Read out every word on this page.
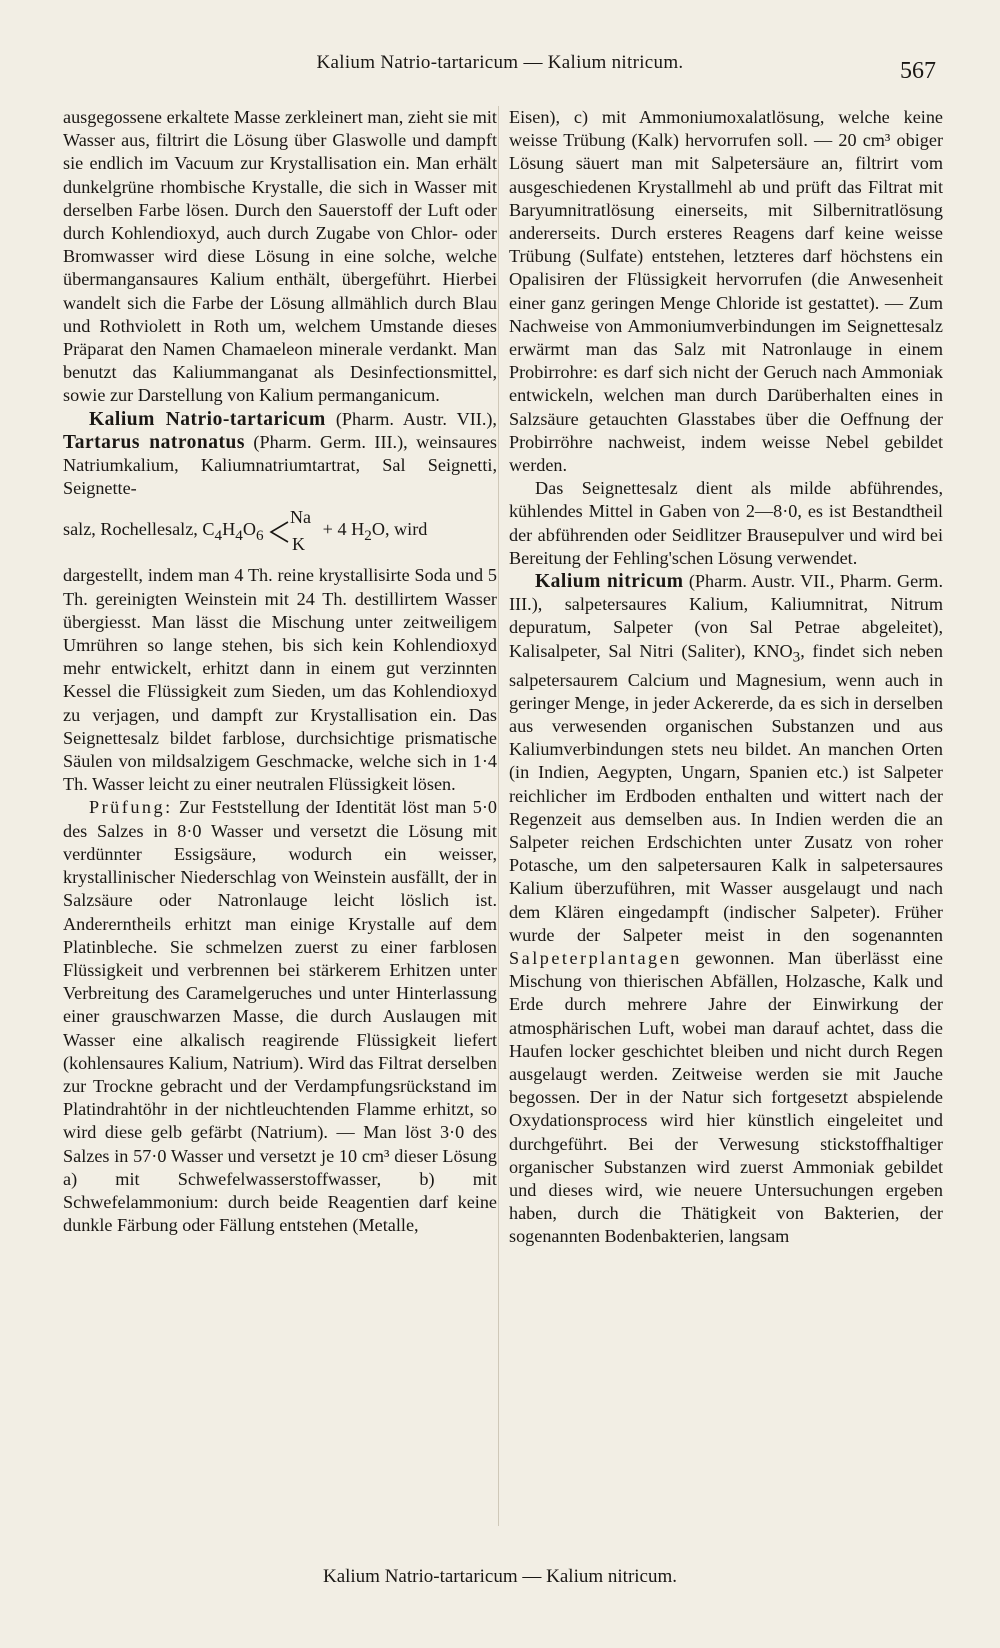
Kalium Natrio-tartaricum — Kalium nitricum.	567

ausgegossene erkaltete Masse zerkleinert man, zieht sie mit Wasser aus, filtrirt die Lösung über Glaswolle und dampft sie endlich im Vacuum zur Krystallisation ein. Man erhält dunkelgrüne rhombische Krystalle, die sich in Wasser mit derselben Farbe lösen. Durch den Sauerstoff der Luft oder durch Kohlendioxyd, auch durch Zugabe von Chlor- oder Bromwasser wird diese Lösung in eine solche, welche übermangansaures Kalium enthält, übergeführt. Hierbei wandelt sich die Farbe der Lösung allmählich durch Blau und Rothviolett in Roth um, welchem Umstande dieses Präparat den Namen Chamaeleon minerale verdankt. Man benutzt das Kaliummanganat als Desinfectionsmittel, sowie zur Darstellung von Kalium permanganicum.

Kalium Natrio-tartaricum (Pharm. Austr. VII.), Tartarus natronatus (Pharm. Germ. III.), weinsaures Natriumkalium, Kaliumnatriumtartrat, Sal Seignetti, Seignette-

salz, Rochellesalz, $C_4H_4O_6$
Na
K
+ 4 $H_2O$, wird

dargestellt, indem man 4 Th. reine krystallisirte Soda und 5 Th. gereinigten Weinstein mit 24 Th. destillirtem Wasser übergiesst. Man lässt die Mischung unter zeitweiligem Umrühren so lange stehen, bis sich kein Kohlendioxyd mehr entwickelt, erhitzt dann in einem gut verzinnten Kessel die Flüssigkeit zum Sieden, um das Kohlendioxyd zu verjagen, und dampft zur Krystallisation ein. Das Seignettesalz bildet farblose, durchsichtige prismatische Säulen von mildsalzigem Geschmacke, welche sich in 1·4 Th. Wasser leicht zu einer neutralen Flüssigkeit lösen.

Prüfung: Zur Feststellung der Identität löst man 5·0 des Salzes in 8·0 Wasser und versetzt die Lösung mit verdünnter Essigsäure, wodurch ein weisser, krystallinischer Niederschlag von Weinstein ausfällt, der in Salzsäure oder Natronlauge leicht löslich ist. Andererntheils erhitzt man einige Krystalle auf dem Platinbleche. Sie schmelzen zuerst zu einer farblosen Flüssigkeit und verbrennen bei stärkerem Erhitzen unter Verbreitung des Caramelgeruches und unter Hinterlassung einer grauschwarzen Masse, die durch Auslaugen mit Wasser eine alkalisch reagirende Flüssigkeit liefert (kohlensaures Kalium, Natrium). Wird das Filtrat derselben zur Trockne gebracht und der Verdampfungsrückstand im Platindrahtöhr in der nichtleuchtenden Flamme erhitzt, so wird diese gelb gefärbt (Natrium). — Man löst 3·0 des Salzes in 57·0 Wasser und versetzt je 10 cm³ dieser Lösung a) mit Schwefelwasserstoffwasser, b) mit Schwefelammonium: durch beide Reagentien darf keine dunkle Färbung oder Fällung entstehen (Metalle,

Eisen), c) mit Ammoniumoxalatlösung, welche keine weisse Trübung (Kalk) hervorrufen soll. — 20 cm³ obiger Lösung säuert man mit Salpetersäure an, filtrirt vom ausgeschiedenen Krystallmehl ab und prüft das Filtrat mit Baryumnitratlösung einerseits, mit Silbernitratlösung andererseits. Durch ersteres Reagens darf keine weisse Trübung (Sulfate) entstehen, letzteres darf höchstens ein Opalisiren der Flüssigkeit hervorrufen (die Anwesenheit einer ganz geringen Menge Chloride ist gestattet). — Zum Nachweise von Ammoniumverbindungen im Seignettesalz erwärmt man das Salz mit Natronlauge in einem Probirrohre: es darf sich nicht der Geruch nach Ammoniak entwickeln, welchen man durch Darüberhalten eines in Salzsäure getauchten Glasstabes über die Oeffnung der Probirröhre nachweist, indem weisse Nebel gebildet werden.

Das Seignettesalz dient als milde abführendes, kühlendes Mittel in Gaben von 2—8·0, es ist Bestandtheil der abführenden oder Seidlitzer Brausepulver und wird bei Bereitung der Fehling'schen Lösung verwendet.

Kalium nitricum (Pharm. Austr. VII., Pharm. Germ. III.), salpetersaures Kalium, Kaliumnitrat, Nitrum depuratum, Salpeter (von Sal Petrae abgeleitet), Kalisalpeter, Sal Nitri (Saliter), $KNO_3$, findet sich neben salpetersaurem Calcium und Magnesium, wenn auch in geringer Menge, in jeder Ackererde, da es sich in derselben aus verwesenden organischen Substanzen und aus Kaliumverbindungen stets neu bildet. An manchen Orten (in Indien, Aegypten, Ungarn, Spanien etc.) ist Salpeter reichlicher im Erdboden enthalten und wittert nach der Regenzeit aus demselben aus. In Indien werden die an Salpeter reichen Erdschichten unter Zusatz von roher Potasche, um den salpetersauren Kalk in salpetersaures Kalium überzuführen, mit Wasser ausgelaugt und nach dem Klären eingedampft (indischer Salpeter). Früher wurde der Salpeter meist in den sogenannten Salpeterplantagen gewonnen. Man überlässt eine Mischung von thierischen Abfällen, Holzasche, Kalk und Erde durch mehrere Jahre der Einwirkung der atmosphärischen Luft, wobei man darauf achtet, dass die Haufen locker geschichtet bleiben und nicht durch Regen ausgelaugt werden. Zeitweise werden sie mit Jauche begossen. Der in der Natur sich fortgesetzt abspielende Oxydationsprocess wird hier künstlich eingeleitet und durchgeführt. Bei der Verwesung stickstoffhaltiger organischer Substanzen wird zuerst Ammoniak gebildet und dieses wird, wie neuere Untersuchungen ergeben haben, durch die Thätigkeit von Bakterien, der sogenannten Bodenbakterien, langsam

Kalium Natrio-tartaricum — Kalium nitricum.
